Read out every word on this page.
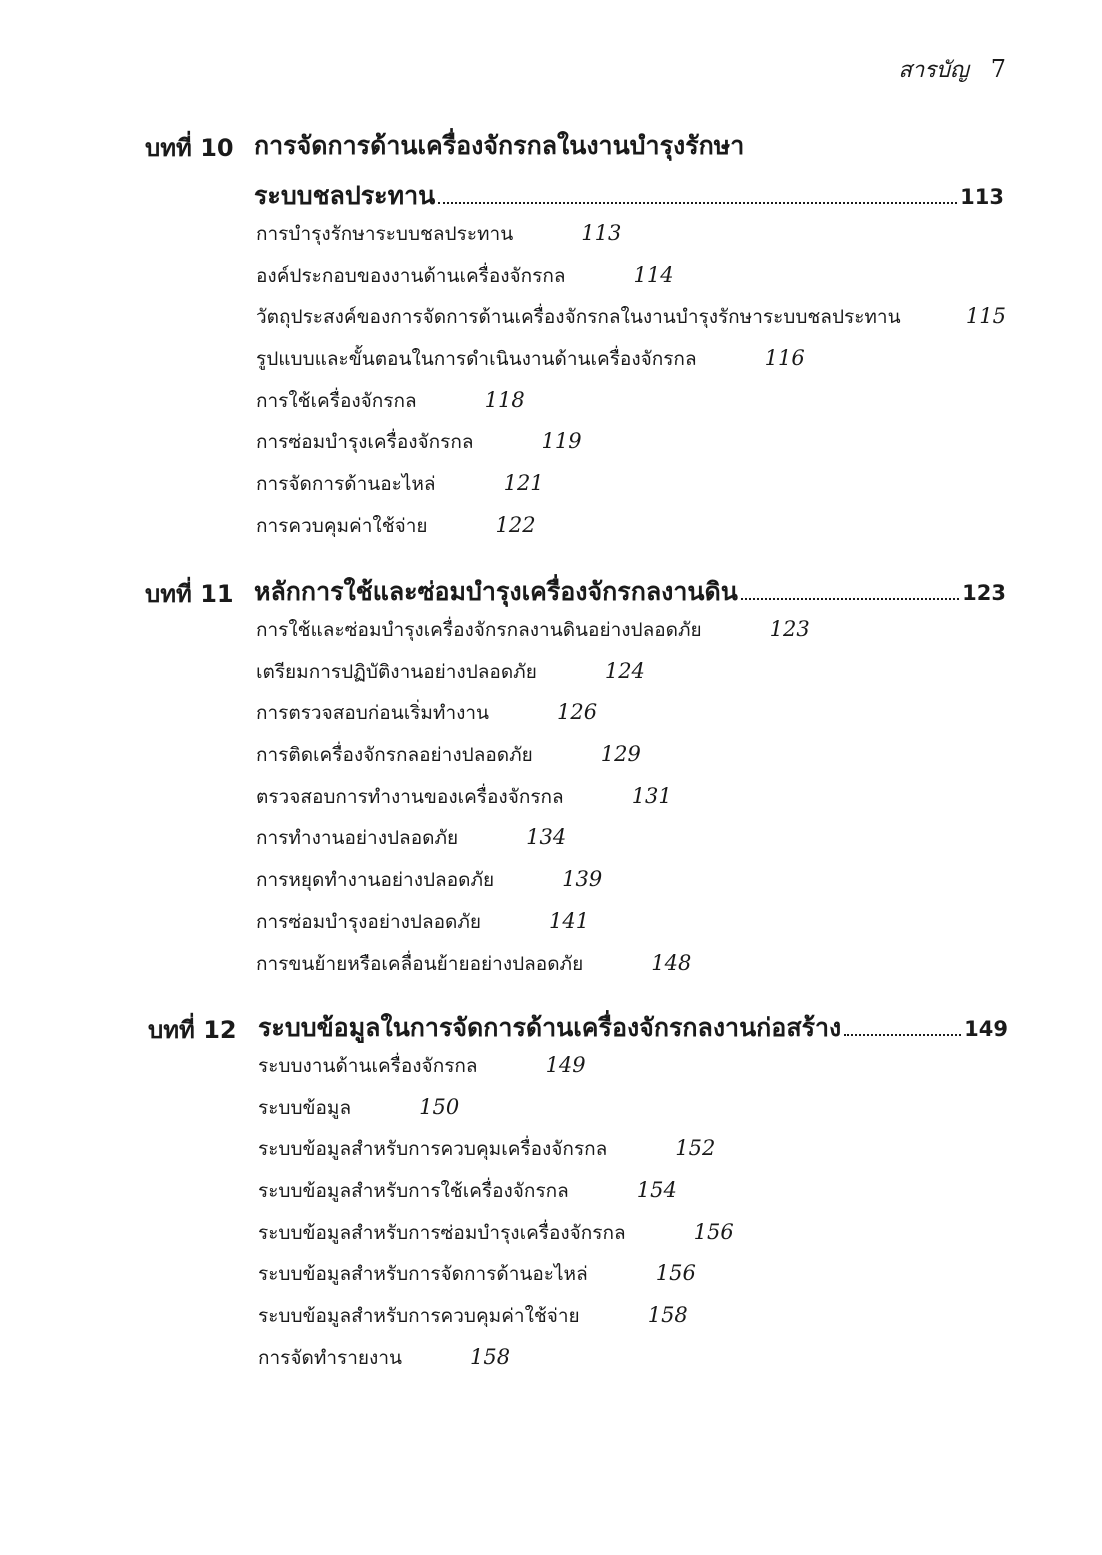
สารบัญ 7
บทที่ 10 การจัดการด้านเครื่องจักรกลในงานบำรุงรักษา
ระบบชลประทาน	113
การบำรุงรักษาระบบชลประทาน	113
องค์ประกอบของงานด้านเครื่องจักรกล	114
วัตถุประสงค์ของการจัดการด้านเครื่องจักรกลในงานบำรุงรักษาระบบชลประทาน	115
รูปแบบและขั้นตอนในการดำเนินงานด้านเครื่องจักรกล	116
การใช้เครื่องจักรกล	118
การซ่อมบำรุงเครื่องจักรกล	119
การจัดการด้านอะไหล่	121
การควบคุมค่าใช้จ่าย	122
บทที่ 11 หลักการใช้และซ่อมบำรุงเครื่องจักรกลงานดิน	123
การใช้และซ่อมบำรุงเครื่องจักรกลงานดินอย่างปลอดภัย	123
เตรียมการปฏิบัติงานอย่างปลอดภัย	124
การตรวจสอบก่อนเริ่มทำงาน	126
การติดเครื่องจักรกลอย่างปลอดภัย	129
ตรวจสอบการทำงานของเครื่องจักรกล	131
การทำงานอย่างปลอดภัย	134
การหยุดทำงานอย่างปลอดภัย	139
การซ่อมบำรุงอย่างปลอดภัย	141
การขนย้ายหรือเคลื่อนย้ายอย่างปลอดภัย	148
บทที่ 12 ระบบข้อมูลในการจัดการด้านเครื่องจักรกลงานก่อสร้าง	149
ระบบงานด้านเครื่องจักรกล	149
ระบบข้อมูล	150
ระบบข้อมูลสำหรับการควบคุมเครื่องจักรกล	152
ระบบข้อมูลสำหรับการใช้เครื่องจักรกล	154
ระบบข้อมูลสำหรับการซ่อมบำรุงเครื่องจักรกล	156
ระบบข้อมูลสำหรับการจัดการด้านอะไหล่	156
ระบบข้อมูลสำหรับการควบคุมค่าใช้จ่าย	158
การจัดทำรายงาน	158
